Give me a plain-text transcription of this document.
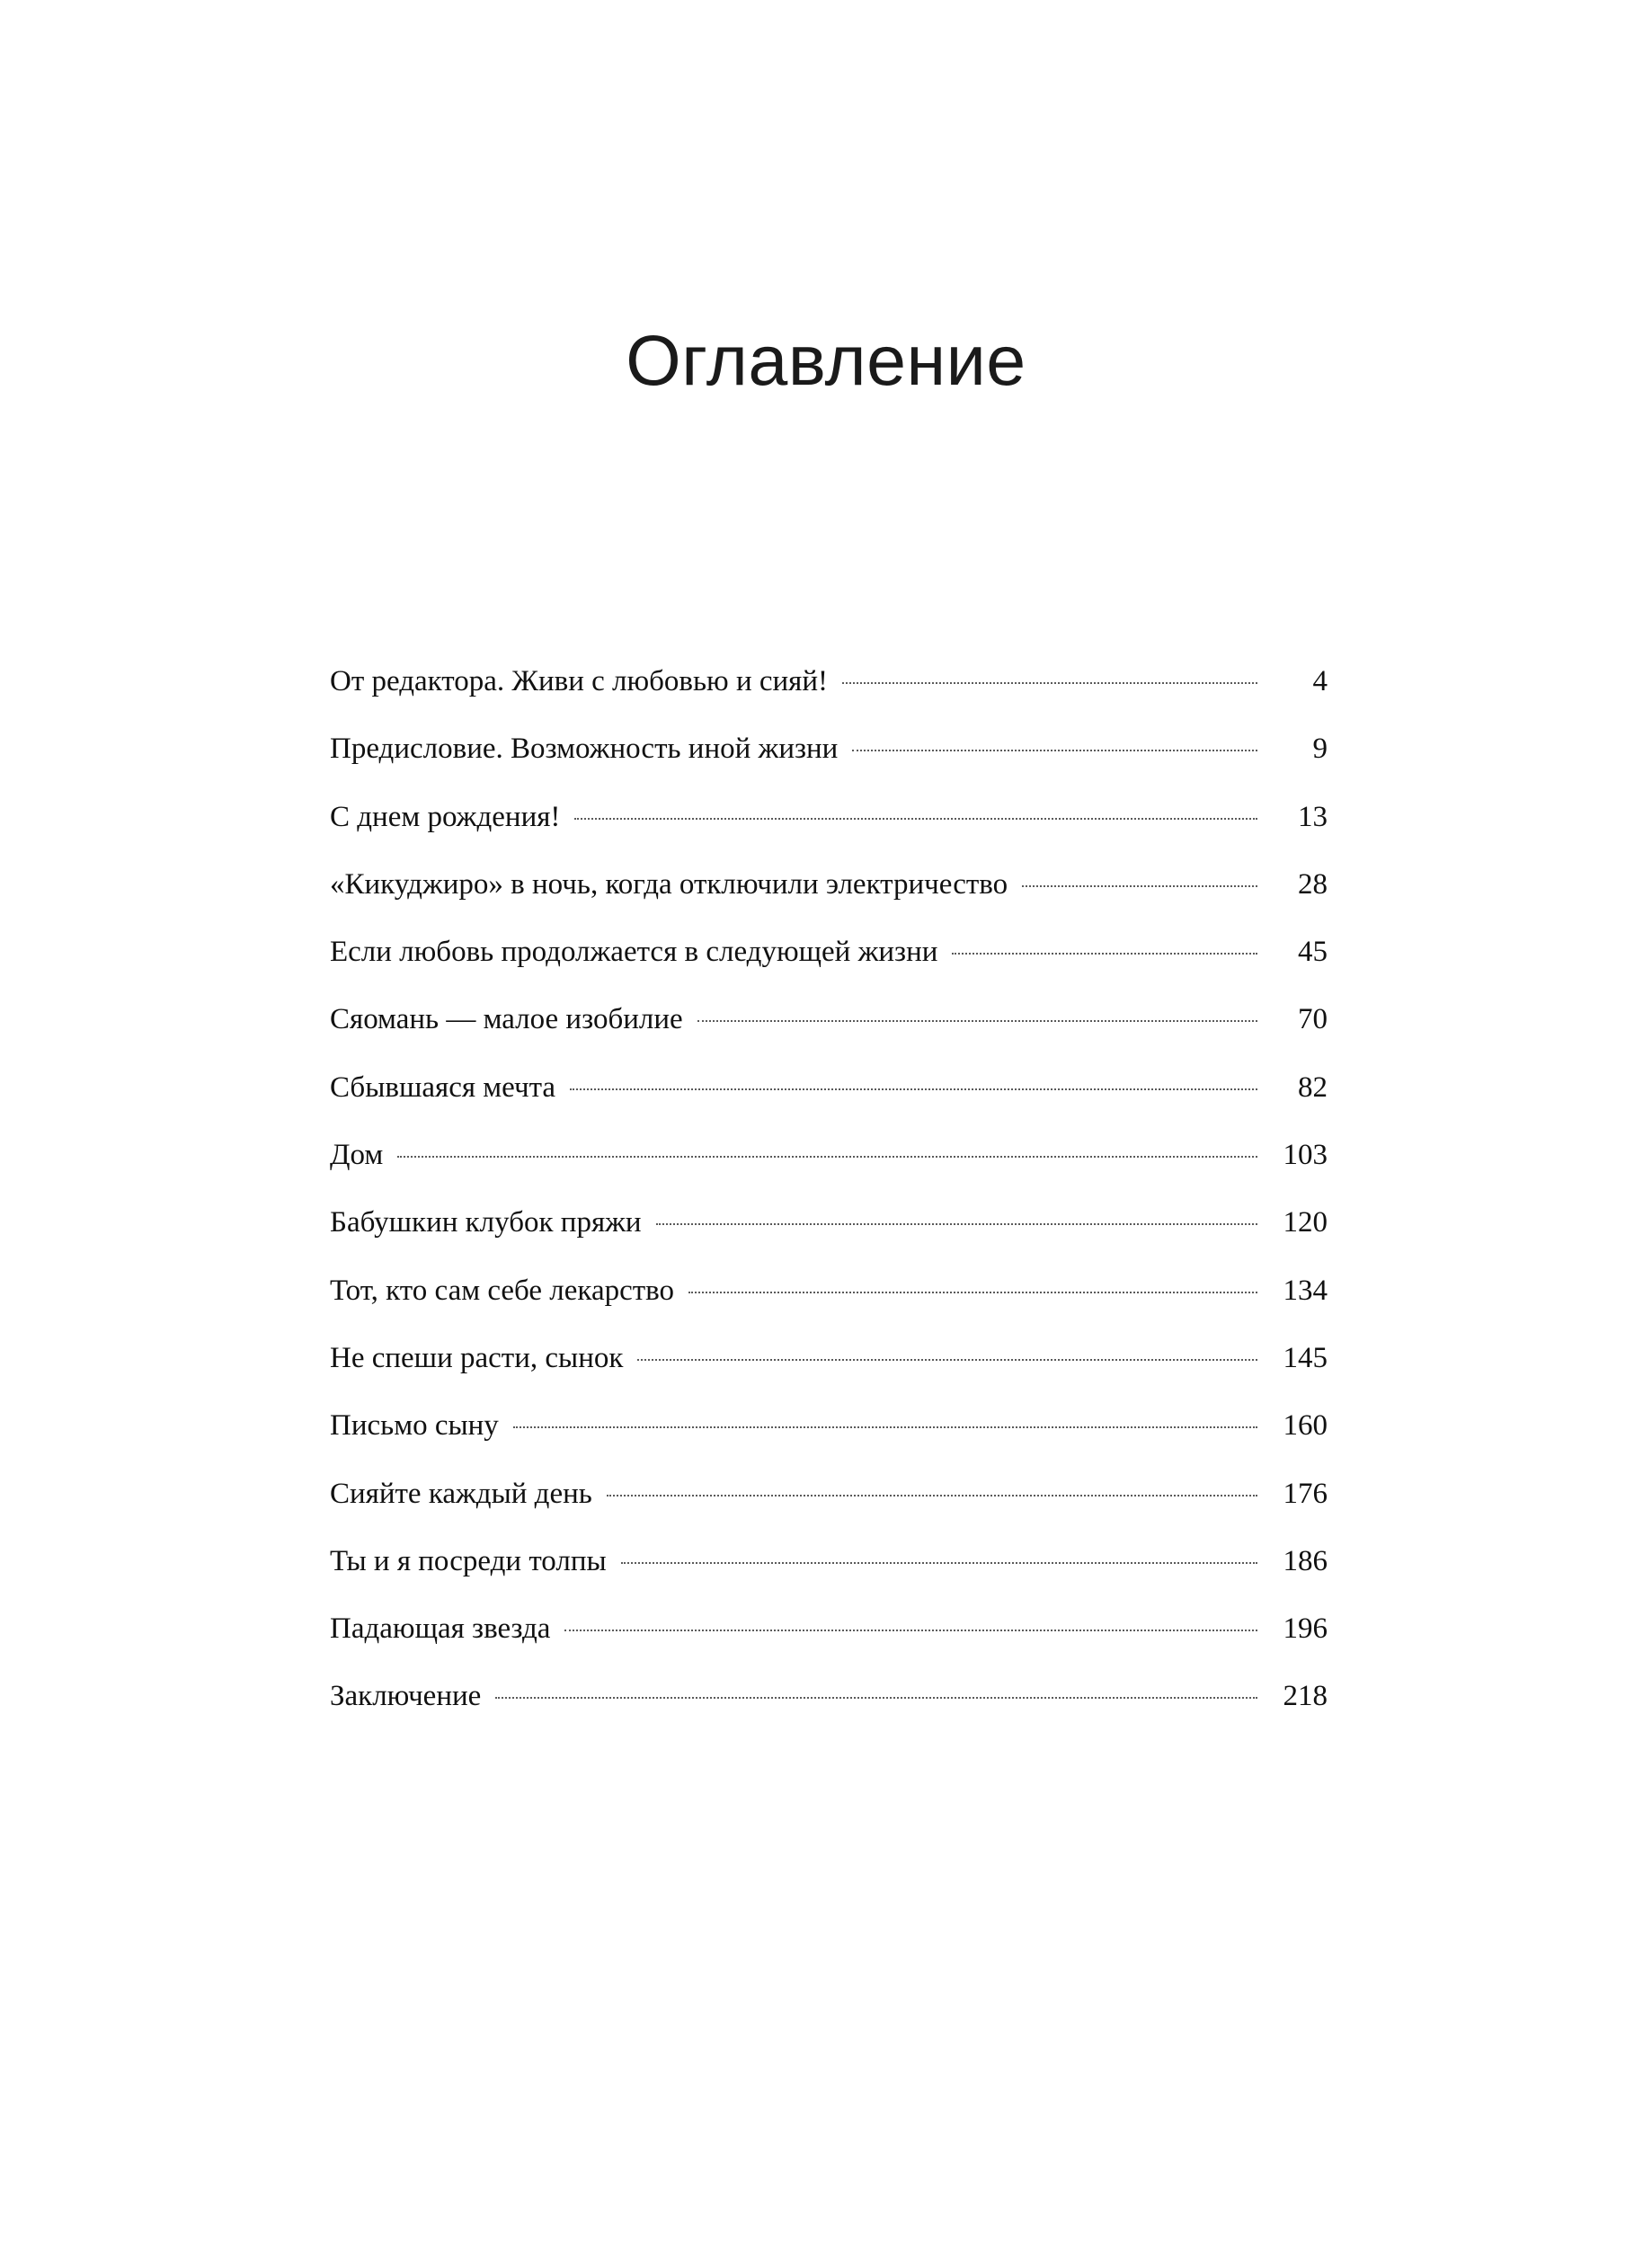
Оглавление
От редактора. Живи с любовью и сияй!	4
Предисловие. Возможность иной жизни	9
С днем рождения!	13
«Кикуджиро» в ночь, когда отключили электричество	28
Если любовь продолжается в следующей жизни	45
Сяомань — малое изобилие	70
Сбывшаяся мечта	82
Дом	103
Бабушкин клубок пряжи	120
Тот, кто сам себе лекарство	134
Не спеши расти, сынок	145
Письмо сыну	160
Сияйте каждый день	176
Ты и я посреди толпы	186
Падающая звезда	196
Заключение	218
